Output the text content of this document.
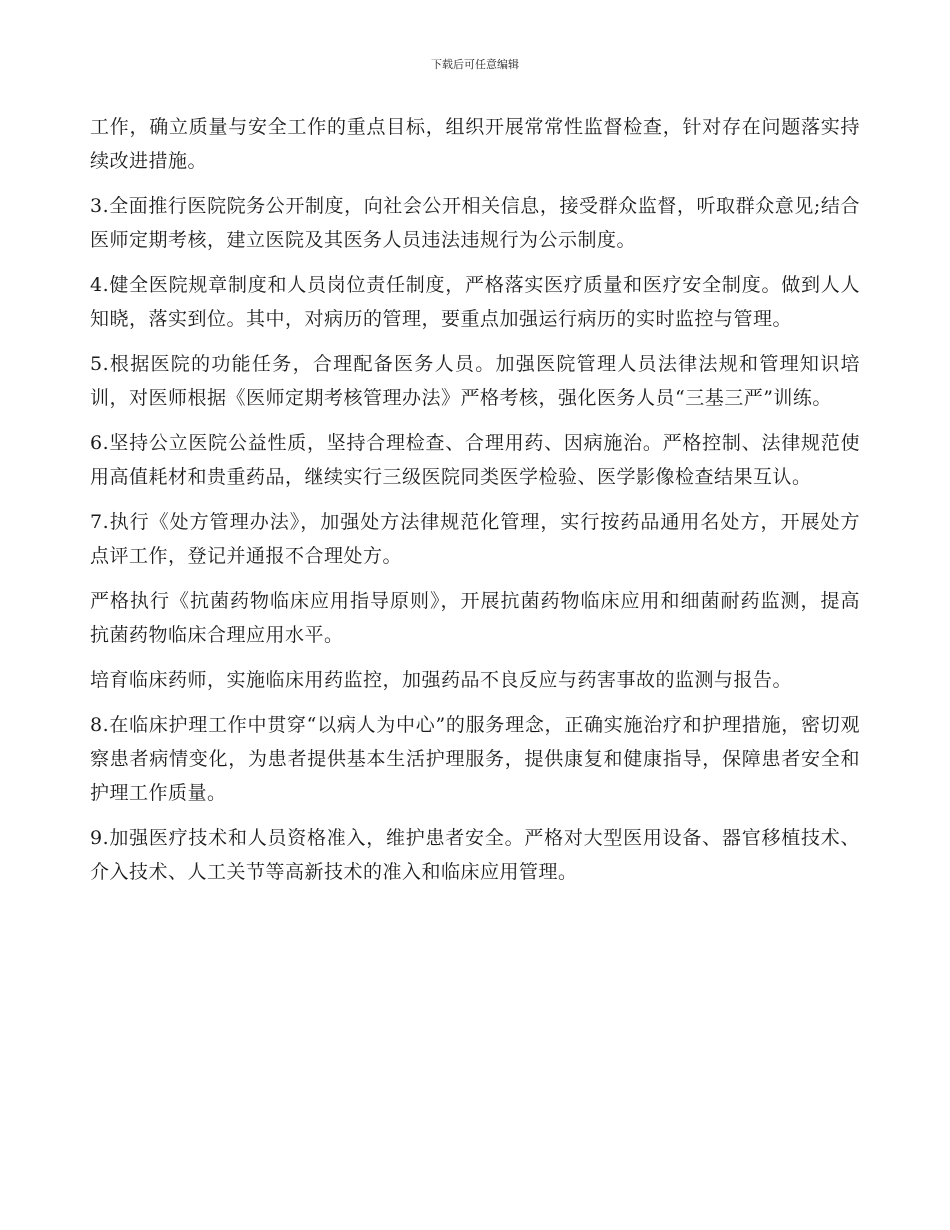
下载后可任意编辑

工作，确立质量与安全工作的重点目标，组织开展常常性监督检查，针对存在问题落实持续改进措施。

3.全面推行医院院务公开制度，向社会公开相关信息，接受群众监督，听取群众意见;结合医师定期考核，建立医院及其医务人员违法违规行为公示制度。

4.健全医院规章制度和人员岗位责任制度，严格落实医疗质量和医疗安全制度。做到人人知晓，落实到位。其中，对病历的管理，要重点加强运行病历的实时监控与管理。

5.根据医院的功能任务，合理配备医务人员。加强医院管理人员法律法规和管理知识培训，对医师根据《医师定期考核管理办法》严格考核，强化医务人员“三基三严”训练。

6.坚持公立医院公益性质，坚持合理检查、合理用药、因病施治。严格控制、法律规范使用高值耗材和贵重药品，继续实行三级医院同类医学检验、医学影像检查结果互认。

7.执行《处方管理办法》，加强处方法律规范化管理，实行按药品通用名处方，开展处方点评工作，登记并通报不合理处方。

严格执行《抗菌药物临床应用指导原则》，开展抗菌药物临床应用和细菌耐药监测，提高抗菌药物临床合理应用水平。

培育临床药师，实施临床用药监控，加强药品不良反应与药害事故的监测与报告。

8.在临床护理工作中贯穿“以病人为中心”的服务理念，正确实施治疗和护理措施，密切观察患者病情变化，为患者提供基本生活护理服务，提供康复和健康指导，保障患者安全和护理工作质量。

9.加强医疗技术和人员资格准入，维护患者安全。严格对大型医用设备、器官移植技术、介入技术、人工关节等高新技术的准入和临床应用管理。
